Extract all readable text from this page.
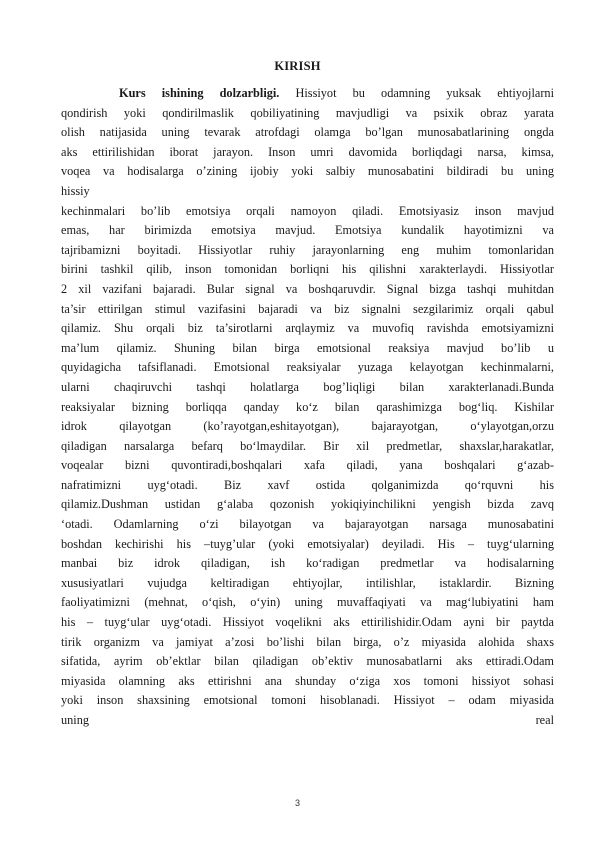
KIRISH
Kurs ishining dolzarbligi. Hissiyot bu odamning yuksak ehtiyojlarni
qondirish yoki qondirilmaslik qobiliyatining mavjudligi va psixik obraz yarata
olish natijasida uning tevarak atrofdagi olamga bo’lgan munosabatlarining ongda
aks ettirilishidan iborat jarayon. Inson umri davomida borliqdagi narsa, kimsa,
voqea va hodisalarga o’zining ijobiy yoki salbiy munosabatini bildiradi bu uning
hissiy
kechinmalari bo’lib emotsiya orqali namoyon qiladi. Emotsiyasiz inson mavjud
emas, har birimizda emotsiya mavjud. Emotsiya kundalik hayotimizni va
tajribamizni boyitadi. Hissiyotlar ruhiy jarayonlarning eng muhim tomonlaridan
birini tashkil qilib, inson tomonidan borliqni his qilishni xarakterlaydi. Hissiyotlar
2 xil vazifani bajaradi. Bular signal va boshqaruvdir. Signal bizga tashqi muhitdan
ta’sir ettirilgan stimul vazifasini bajaradi va biz signalni sezgilarimiz orqali qabul
qilamiz. Shu orqali biz ta’sirotlarni arqlaymiz va muvofiq ravishda emotsiyamizni
ma’lum qilamiz. Shuning bilan birga emotsional reaksiya mavjud bo’lib u
quyidagicha tafsiflanadi. Emotsional reaksiyalar yuzaga kelayotgan kechinmalarni,
ularni chaqiruvchi tashqi holatlarga bog’liqligi bilan xarakterlanadi.Bunda
reaksiyalar bizning borliqqa qanday ko‘z bilan qarashimizga bog‘liq. Kishilar
idrok qilayotgan (ko’rayotgan,eshitayotgan), bajarayotgan, o‘ylayotgan,orzu
qiladigan narsalarga befarq bo‘lmaydilar. Bir xil predmetlar, shaxslar,harakatlar,
voqealar bizni quvontiradi,boshqalari xafa qiladi, yana boshqalari g‘azab-
nafratimizni uyg‘otadi. Biz xavf ostida qolganimizda qo‘rquvni his
qilamiz.Dushman ustidan g‘alaba qozonish yokiqiyinchilikni yengish bizda zavq
‘otadi. Odamlarning o‘zi bilayotgan va bajarayotgan narsaga munosabatini
boshdan kechirishi his –tuyg’ular (yoki emotsiyalar) deyiladi. His – tuyg‘ularning
manbai biz idrok qiladigan, ish ko‘radigan predmetlar va hodisalarning
xususiyatlari vujudga keltiradigan ehtiyojlar, intilishlar, istaklardir. Bizning
faoliyatimizni (mehnat, o‘qish, o‘yin) uning muvaffaqiyati va mag‘lubiyatini ham
his – tuyg‘ular uyg‘otadi. Hissiyot voqelikni aks ettirilishidir.Odam ayni bir paytda
tirik organizm va jamiyat a’zosi bo’lishi bilan birga, o’z miyasida alohida shaxs
sifatida, ayrim ob’ektlar bilan qiladigan ob’ektiv munosabatlarni aks ettiradi.Odam
miyasida olamning aks ettirishni ana shunday o‘ziga xos tomoni hissiyot sohasi
yoki inson shaxsining emotsional tomoni hisoblanadi. Hissiyot – odam miyasida
uning real
3
